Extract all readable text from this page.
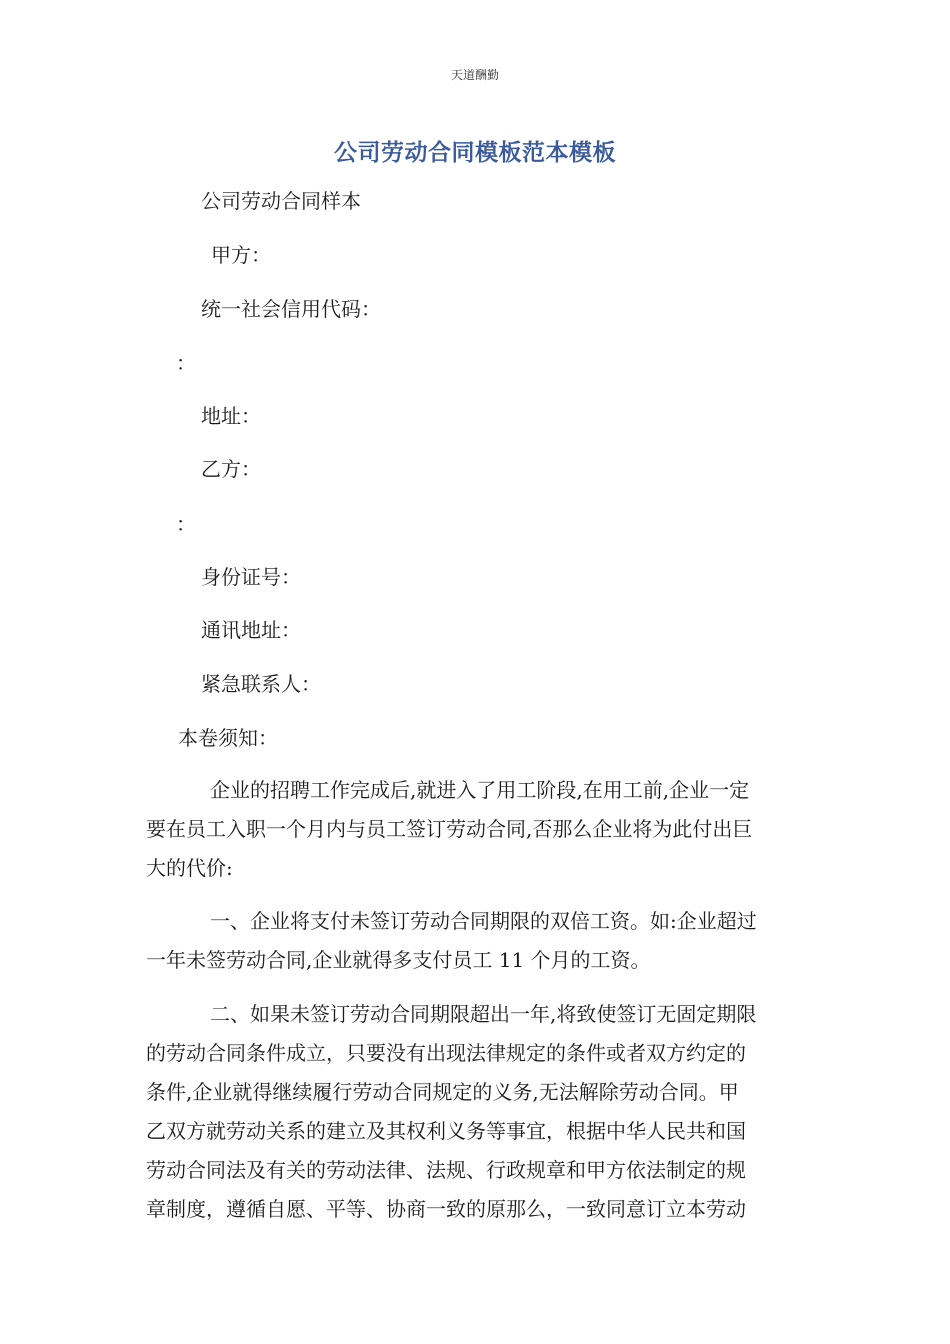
天道酬勤
公司劳动合同模板范本模板
公司劳动合同样本
甲方：
统一社会信用代码：
：
地址：
乙方：
：
身份证号：
通讯地址：
紧急联系人：
本卷须知：
企业的招聘工作完成后,就进入了用工阶段,在用工前,企业一定
要在员工入职一个月内与员工签订劳动合同,否那么企业将为此付出巨
大的代价:
一、企业将支付未签订劳动合同期限的双倍工资。如:企业超过
一年未签劳动合同,企业就得多支付员工 11 个月的工资。
二、如果未签订劳动合同期限超出一年,将致使签订无固定期限
的劳动合同条件成立，只要没有出现法律规定的条件或者双方约定的
条件,企业就得继续履行劳动合同规定的义务,无法解除劳动合同。甲
乙双方就劳动关系的建立及其权利义务等事宜，根据中华人民共和国
劳动合同法及有关的劳动法律、法规、行政规章和甲方依法制定的规
章制度，遵循自愿、平等、协商一致的原那么，一致同意订立本劳动
